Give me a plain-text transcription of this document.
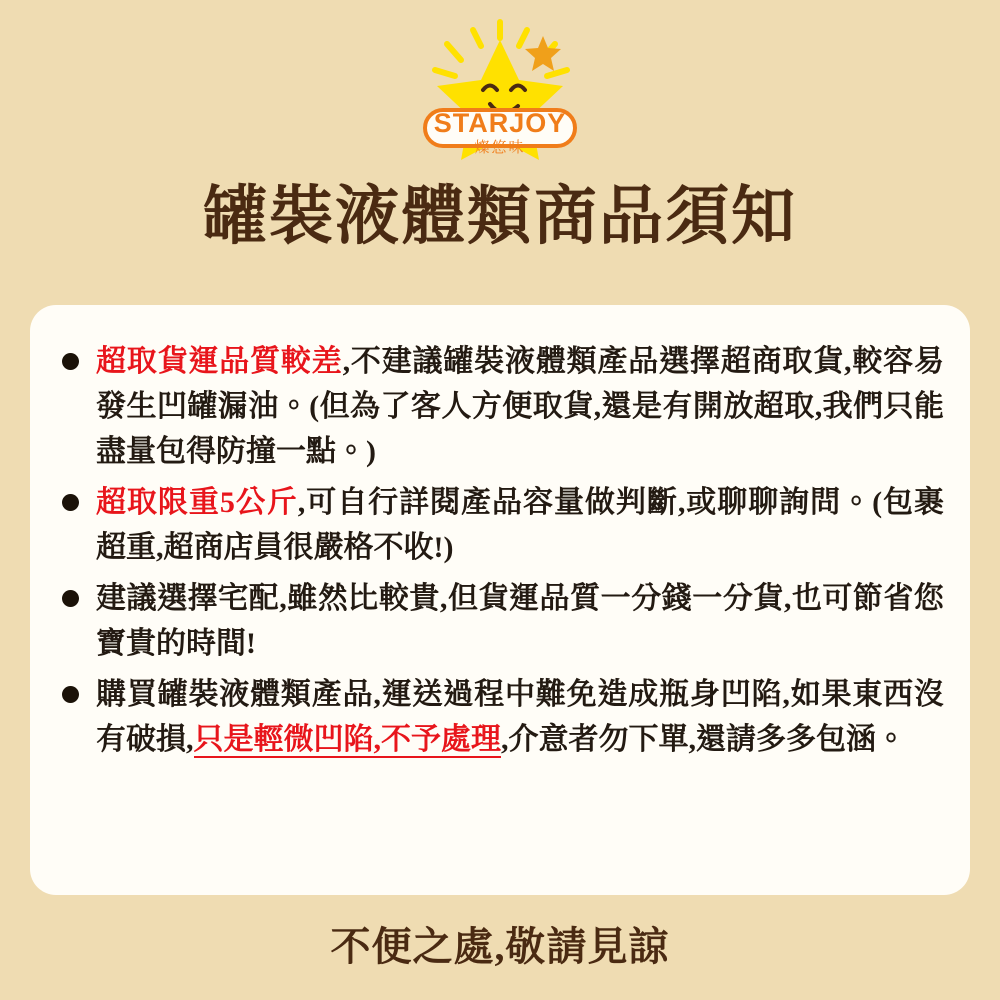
STARJOY
燦悠味
罐裝液體類商品須知
超取貨運品質較差,不建議罐裝液體類產品選擇超商取貨,較容易發生凹罐漏油。(但為了客人方便取貨,還是有開放超取,我們只能盡量包得防撞一點。)
超取限重5公斤,可自行詳閱產品容量做判斷,或聊聊詢問。(包裹超重,超商店員很嚴格不收!)
建議選擇宅配,雖然比較貴,但貨運品質一分錢一分貨,也可節省您寶貴的時間!
購買罐裝液體類產品,運送過程中難免造成瓶身凹陷,如果東西沒有破損,只是輕微凹陷,不予處理,介意者勿下單,還請多多包涵。
不便之處,敬請見諒
